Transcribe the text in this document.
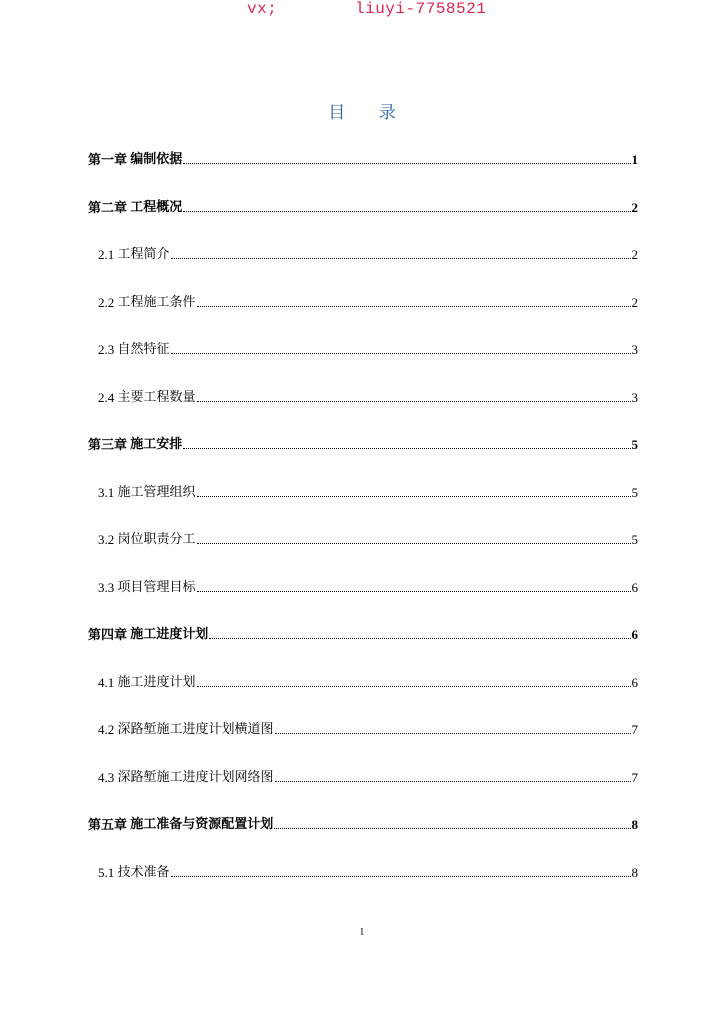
vx;	liuyi-7758521
目 录
第一章 编制依据	1
第二章 工程概况	2
2.1 工程简介	2
2.2 工程施工条件	2
2.3 自然特征	3
2.4 主要工程数量	3
第三章 施工安排	5
3.1 施工管理组织	5
3.2 岗位职责分工	5
3.3 项目管理目标	6
第四章 施工进度计划	6
4.1 施工进度计划	6
4.2 深路堑施工进度计划横道图	7
4.3 深路堑施工进度计划网络图	7
第五章 施工准备与资源配置计划	8
5.1 技术准备	8
I
